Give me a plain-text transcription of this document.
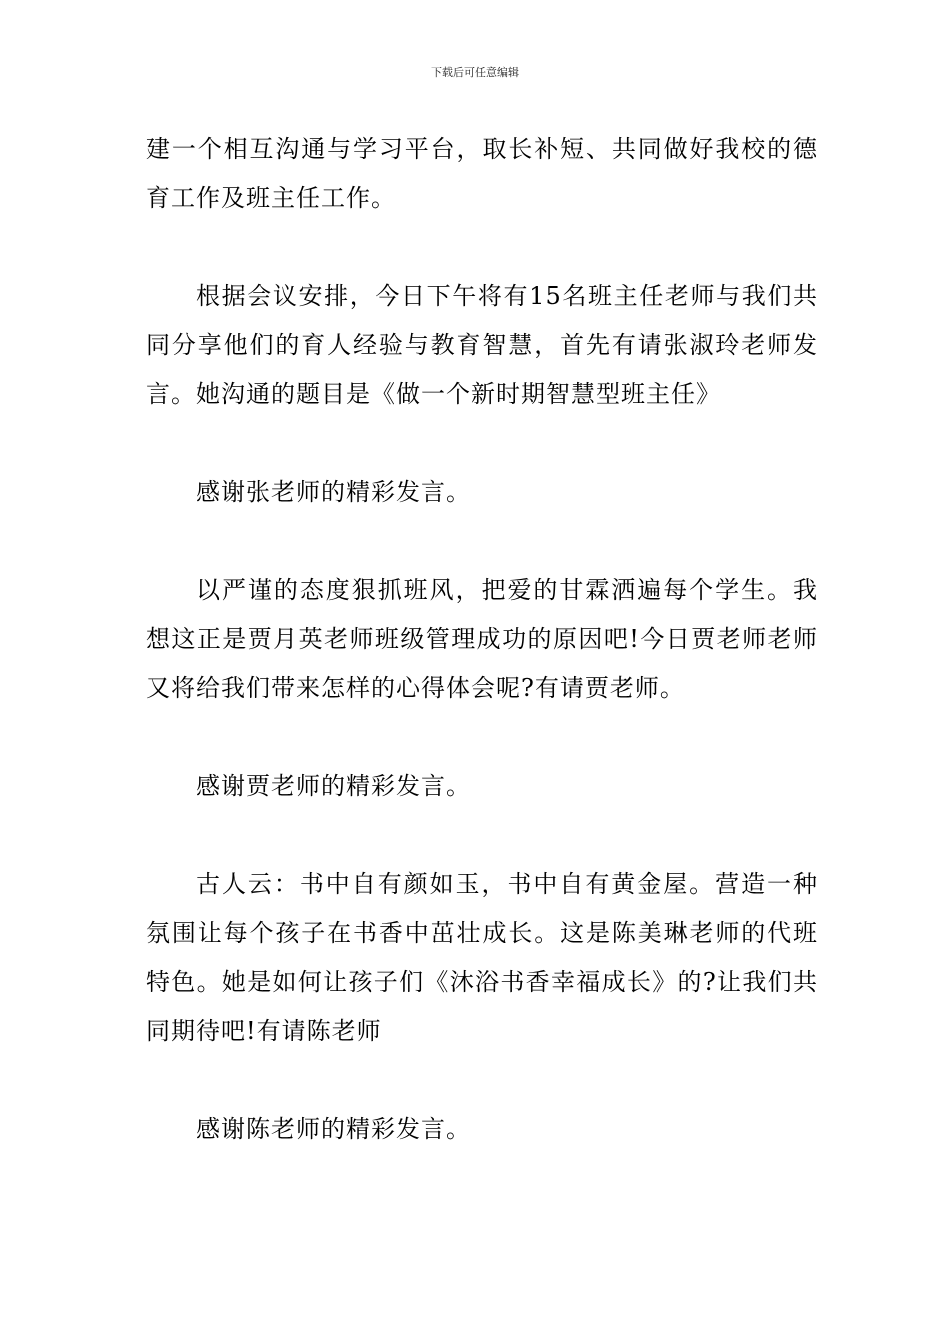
下载后可任意编辑

建一个相互沟通与学习平台，取长补短、共同做好我校的德育工作及班主任工作。

根据会议安排，今日下午将有15名班主任老师与我们共同分享他们的育人经验与教育智慧，首先有请张淑玲老师发言。她沟通的题目是《做一个新时期智慧型班主任》

感谢张老师的精彩发言。

以严谨的态度狠抓班风，把爱的甘霖洒遍每个学生。我想这正是贾月英老师班级管理成功的原因吧!今日贾老师老师又将给我们带来怎样的心得体会呢?有请贾老师。

感谢贾老师的精彩发言。

古人云：书中自有颜如玉，书中自有黄金屋。营造一种氛围让每个孩子在书香中茁壮成长。这是陈美琳老师的代班特色。她是如何让孩子们《沐浴书香幸福成长》的?让我们共同期待吧!有请陈老师

感谢陈老师的精彩发言。
